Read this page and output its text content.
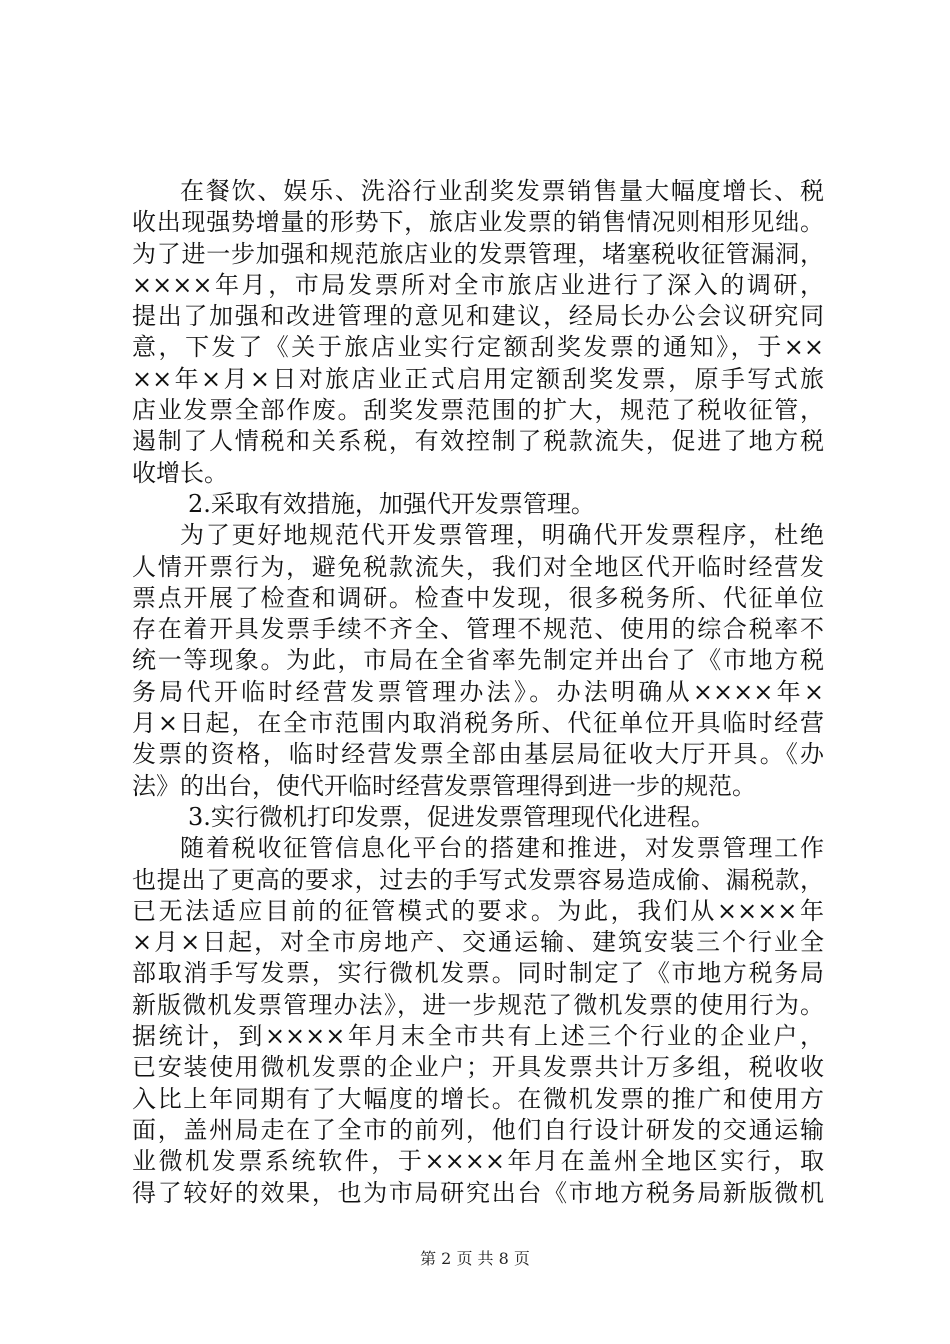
在餐饮、娱乐、洗浴行业刮奖发票销售量大幅度增长、税
收出现强势增量的形势下，旅店业发票的销售情况则相形见绌。
为了进一步加强和规范旅店业的发票管理，堵塞税收征管漏洞，
××××年月，市局发票所对全市旅店业进行了深入的调研，
提出了加强和改进管理的意见和建议，经局长办公会议研究同
意，下发了《关于旅店业实行定额刮奖发票的通知》，于××
××年×月×日对旅店业正式启用定额刮奖发票，原手写式旅
店业发票全部作废。刮奖发票范围的扩大，规范了税收征管，
遏制了人情税和关系税，有效控制了税款流失，促进了地方税
收增长。
2.采取有效措施，加强代开发票管理。
为了更好地规范代开发票管理，明确代开发票程序，杜绝
人情开票行为，避免税款流失，我们对全地区代开临时经营发
票点开展了检查和调研。检查中发现，很多税务所、代征单位
存在着开具发票手续不齐全、管理不规范、使用的综合税率不
统一等现象。为此，市局在全省率先制定并出台了《市地方税
务局代开临时经营发票管理办法》。办法明确从××××年×
月×日起，在全市范围内取消税务所、代征单位开具临时经营
发票的资格，临时经营发票全部由基层局征收大厅开具。《办
法》的出台，使代开临时经营发票管理得到进一步的规范。
3.实行微机打印发票，促进发票管理现代化进程。
随着税收征管信息化平台的搭建和推进，对发票管理工作
也提出了更高的要求，过去的手写式发票容易造成偷、漏税款，
已无法适应目前的征管模式的要求。为此，我们从××××年
×月×日起，对全市房地产、交通运输、建筑安装三个行业全
部取消手写发票，实行微机发票。同时制定了《市地方税务局
新版微机发票管理办法》，进一步规范了微机发票的使用行为。
据统计，到××××年月末全市共有上述三个行业的企业户，
已安装使用微机发票的企业户；开具发票共计万多组，税收收
入比上年同期有了大幅度的增长。在微机发票的推广和使用方
面，盖州局走在了全市的前列，他们自行设计研发的交通运输
业微机发票系统软件，于××××年月在盖州全地区实行，取
得了较好的效果，也为市局研究出台《市地方税务局新版微机
第 2 页 共 8 页
